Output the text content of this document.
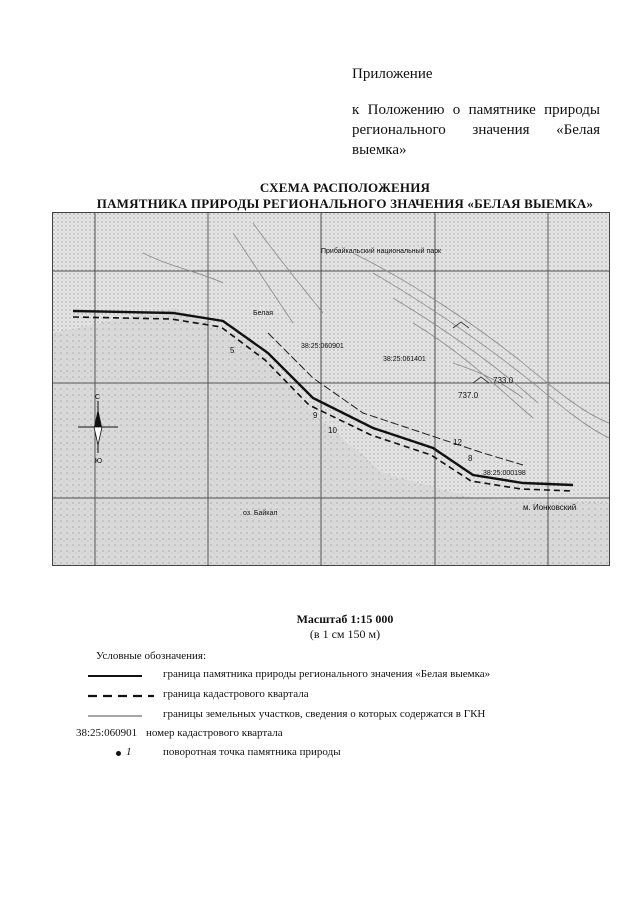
Приложение
к Положению о памятнике природы регионального значения «Белая выемка»
СХЕМА РАСПОЛОЖЕНИЯ
ПАМЯТНИКА ПРИРОДЫ РЕГИОНАЛЬНОГО ЗНАЧЕНИЯ «БЕЛАЯ ВЫЕМКА»
Прибайкальский национальный парк
38:25:060901
38:25:061401
38:25:000198
733.0
737.0
оз. Байкал
м. Ионковский
Белая
5
9
10
12
8
С
Ю
Масштаб 1:15 000
(в 1 см 150 м)
Условные обозначения:
граница памятника природы регионального значения «Белая выемка»
граница кадастрового квартала
границы земельных участков, сведения о которых содержатся в ГКН
38:25:060901 номер кадастрового квартала
1	поворотная точка памятника природы
